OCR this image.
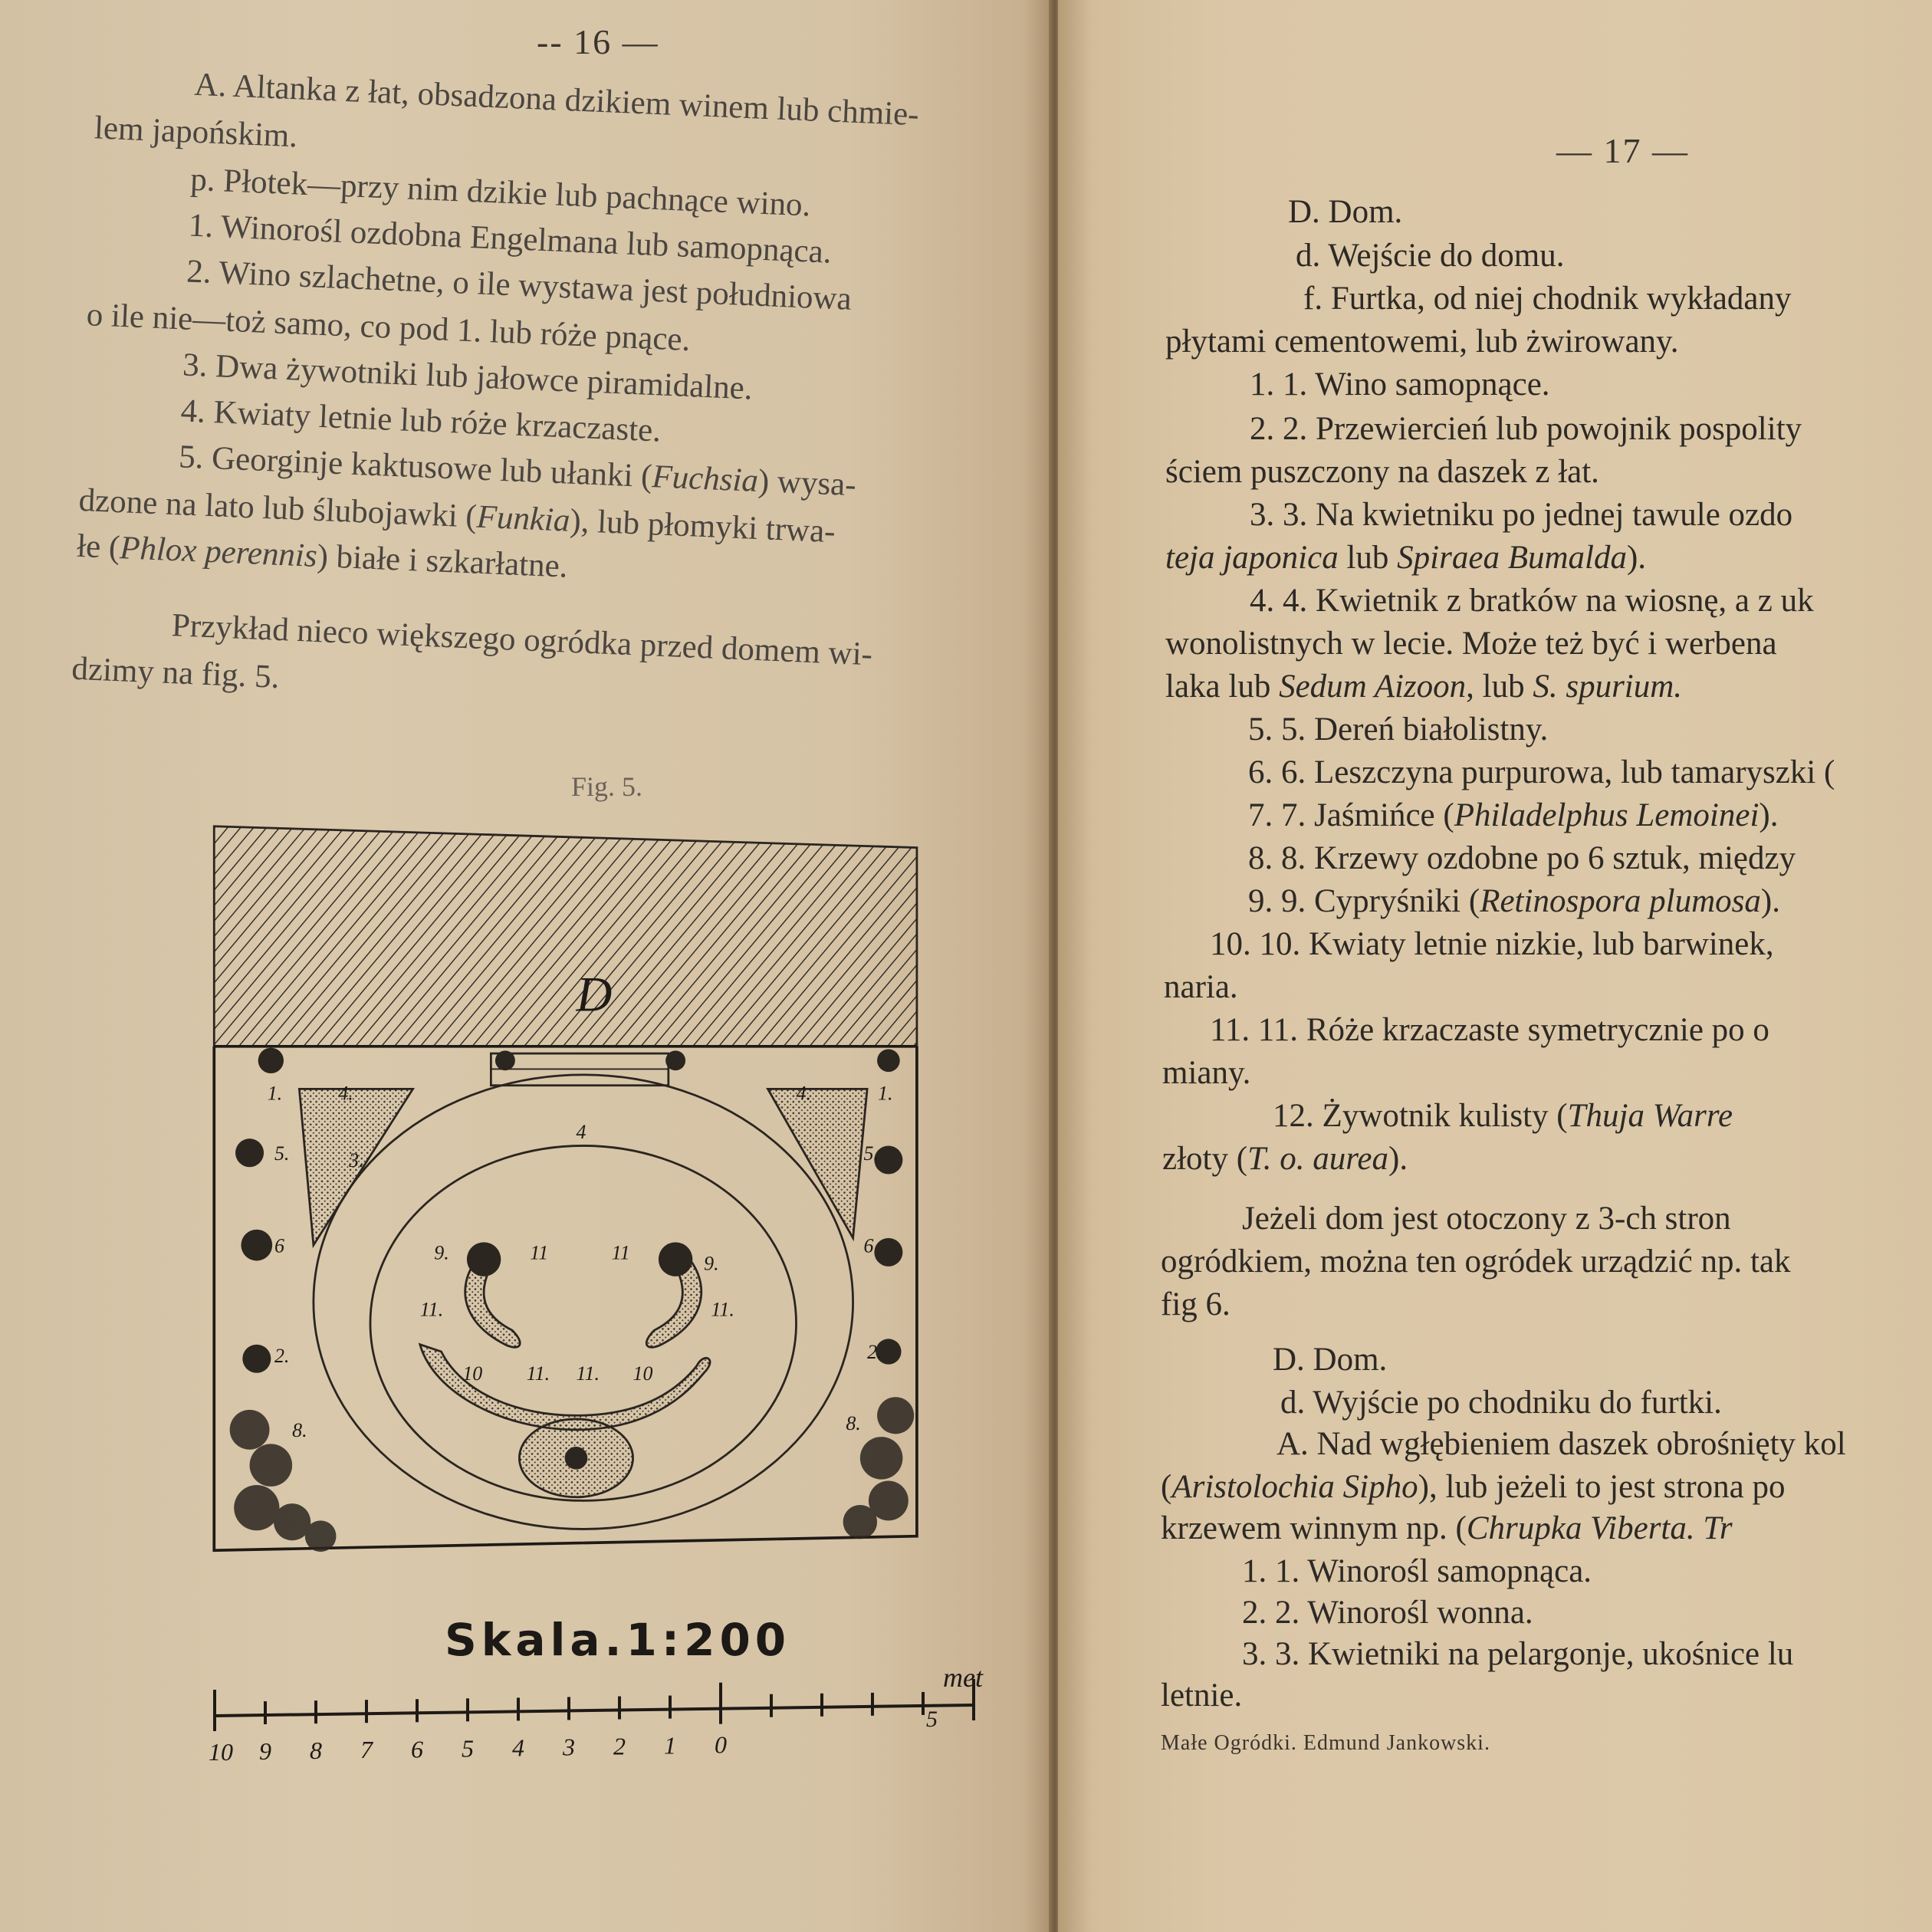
-- 16 —
A. Altanka z łat, obsadzona dzikiem winem lub chmie-
lem japońskim.
p. Płotek—przy nim dzikie lub pachnące wino.
1. Winorośl ozdobna Engelmana lub samopnąca.
2. Wino szlachetne, o ile wystawa jest południowa
o ile nie—toż samo, co pod 1. lub róże pnące.
3. Dwa żywotniki lub jałowce piramidalne.
4. Kwiaty letnie lub róże krzaczaste.
5. Georginje kaktusowe lub ułanki (Fuchsia) wysa-
dzone na lato lub ślubojawki (Funkia), lub płomyki trwa-
łe (Phlox perennis) białe i szkarłatne.
Przykład nieco większego ogródka przed domem wi-
dzimy na fig. 5.
Fig. 5.
D
1.	4.
5.	3.
6
2.
8.
4.	1.
5.
6
2.
8.
9.	9.
11.	11.
10	10
11	11
11. 11.
4
Skala.1:200
10 9 8 7 6 5 4 3 2 1 0
met
5
— 17 —
D. Dom.
d. Wejście do domu.
f. Furtka, od niej chodnik wykładany
płytami cementowemi, lub żwirowany.
1. 1. Wino samopnące.
2. 2. Przewiercień lub powojnik pospolity
ściem puszczony na daszek z łat.
3. 3. Na kwietniku po jednej tawule ozdo
teja japonica lub Spiraea Bumalda).
4. 4. Kwietnik z bratków na wiosnę, a z uk
wonolistnych w lecie. Może też być i werbena
laka lub Sedum Aizoon, lub S. spurium.
5. 5. Dereń białolistny.
6. 6. Leszczyna purpurowa, lub tamaryszki (
7. 7. Jaśmińce (Philadelphus Lemoinei).
8. 8. Krzewy ozdobne po 6 sztuk, między
9. 9. Cypryśniki (Retinospora plumosa).
10. 10. Kwiaty letnie nizkie, lub barwinek,
naria.
11. 11. Róże krzaczaste symetrycznie po o
miany.
12. Żywotnik kulisty (Thuja Warre
złoty (T. o. aurea).
Jeżeli dom jest otoczony z 3-ch stron
ogródkiem, można ten ogródek urządzić np. tak
fig 6.
D. Dom.
d. Wyjście po chodniku do furtki.
A. Nad wgłębieniem daszek obrośnięty kol
(Aristolochia Sipho), lub jeżeli to jest strona po
krzewem winnym np. (Chrupka Viberta. Tr
1. 1. Winorośl samopnąca.
2. 2. Winorośl wonna.
3. 3. Kwietniki na pelargonje, ukośnice lu
letnie.
Małe Ogródki. Edmund Jankowski.
